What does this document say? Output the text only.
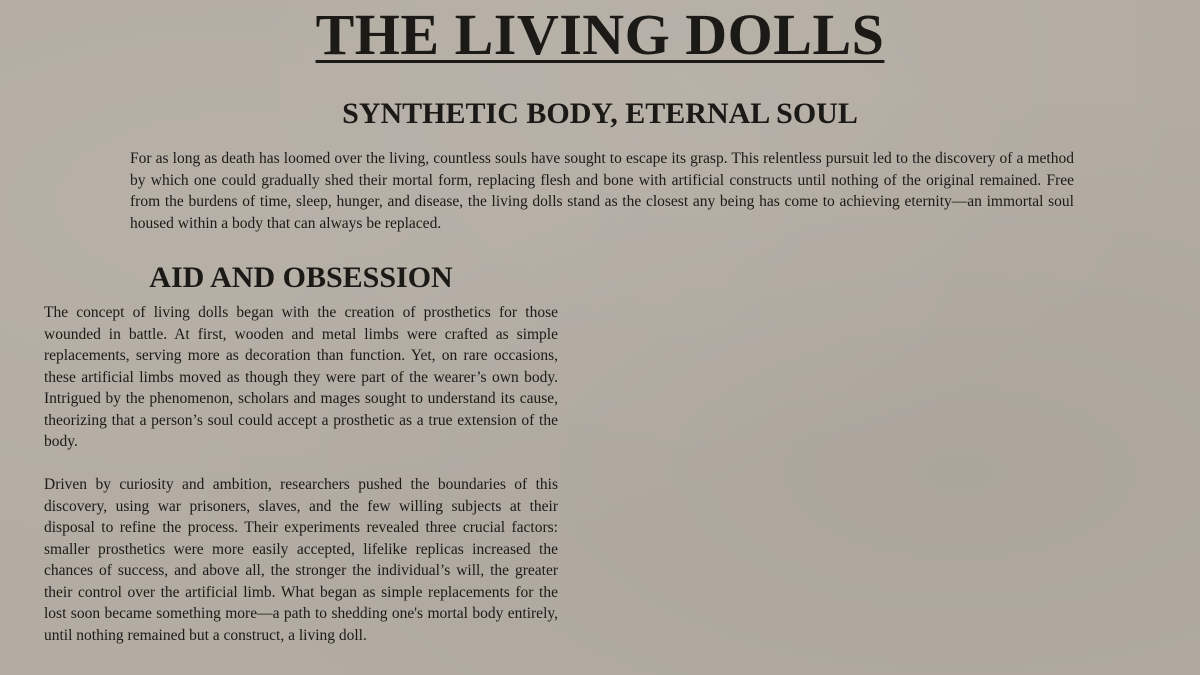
THE LIVING DOLLS
SYNTHETIC BODY, ETERNAL SOUL

For as long as death has loomed over the living, countless souls have sought to escape its grasp. This relentless pursuit led to the discovery of a method by which one could gradually shed their mortal form, replacing flesh and bone with artificial constructs until nothing of the original remained. Free from the burdens of time, sleep, hunger, and disease, the living dolls stand as the closest any being has come to achieving eternity—an immortal soul housed within a body that can always be replaced.

AID AND OBSESSION

The concept of living dolls began with the creation of prosthetics for those wounded in battle. At first, wooden and metal limbs were crafted as simple replacements, serving more as decoration than function. Yet, on rare occasions, these artificial limbs moved as though they were part of the wearer’s own body. Intrigued by the phenomenon, scholars and mages sought to understand its cause, theorizing that a person’s soul could accept a prosthetic as a true extension of the body.

Driven by curiosity and ambition, researchers pushed the boundaries of this discovery, using war prisoners, slaves, and the few willing subjects at their disposal to refine the process. Their experiments revealed three crucial factors: smaller prosthetics were more easily accepted, lifelike replicas increased the chances of success, and above all, the stronger the individual’s will, the greater their control over the artificial limb. What began as simple replacements for the lost soon became something more—a path to shedding one's mortal body entirely, until nothing remained but a construct, a living doll.
